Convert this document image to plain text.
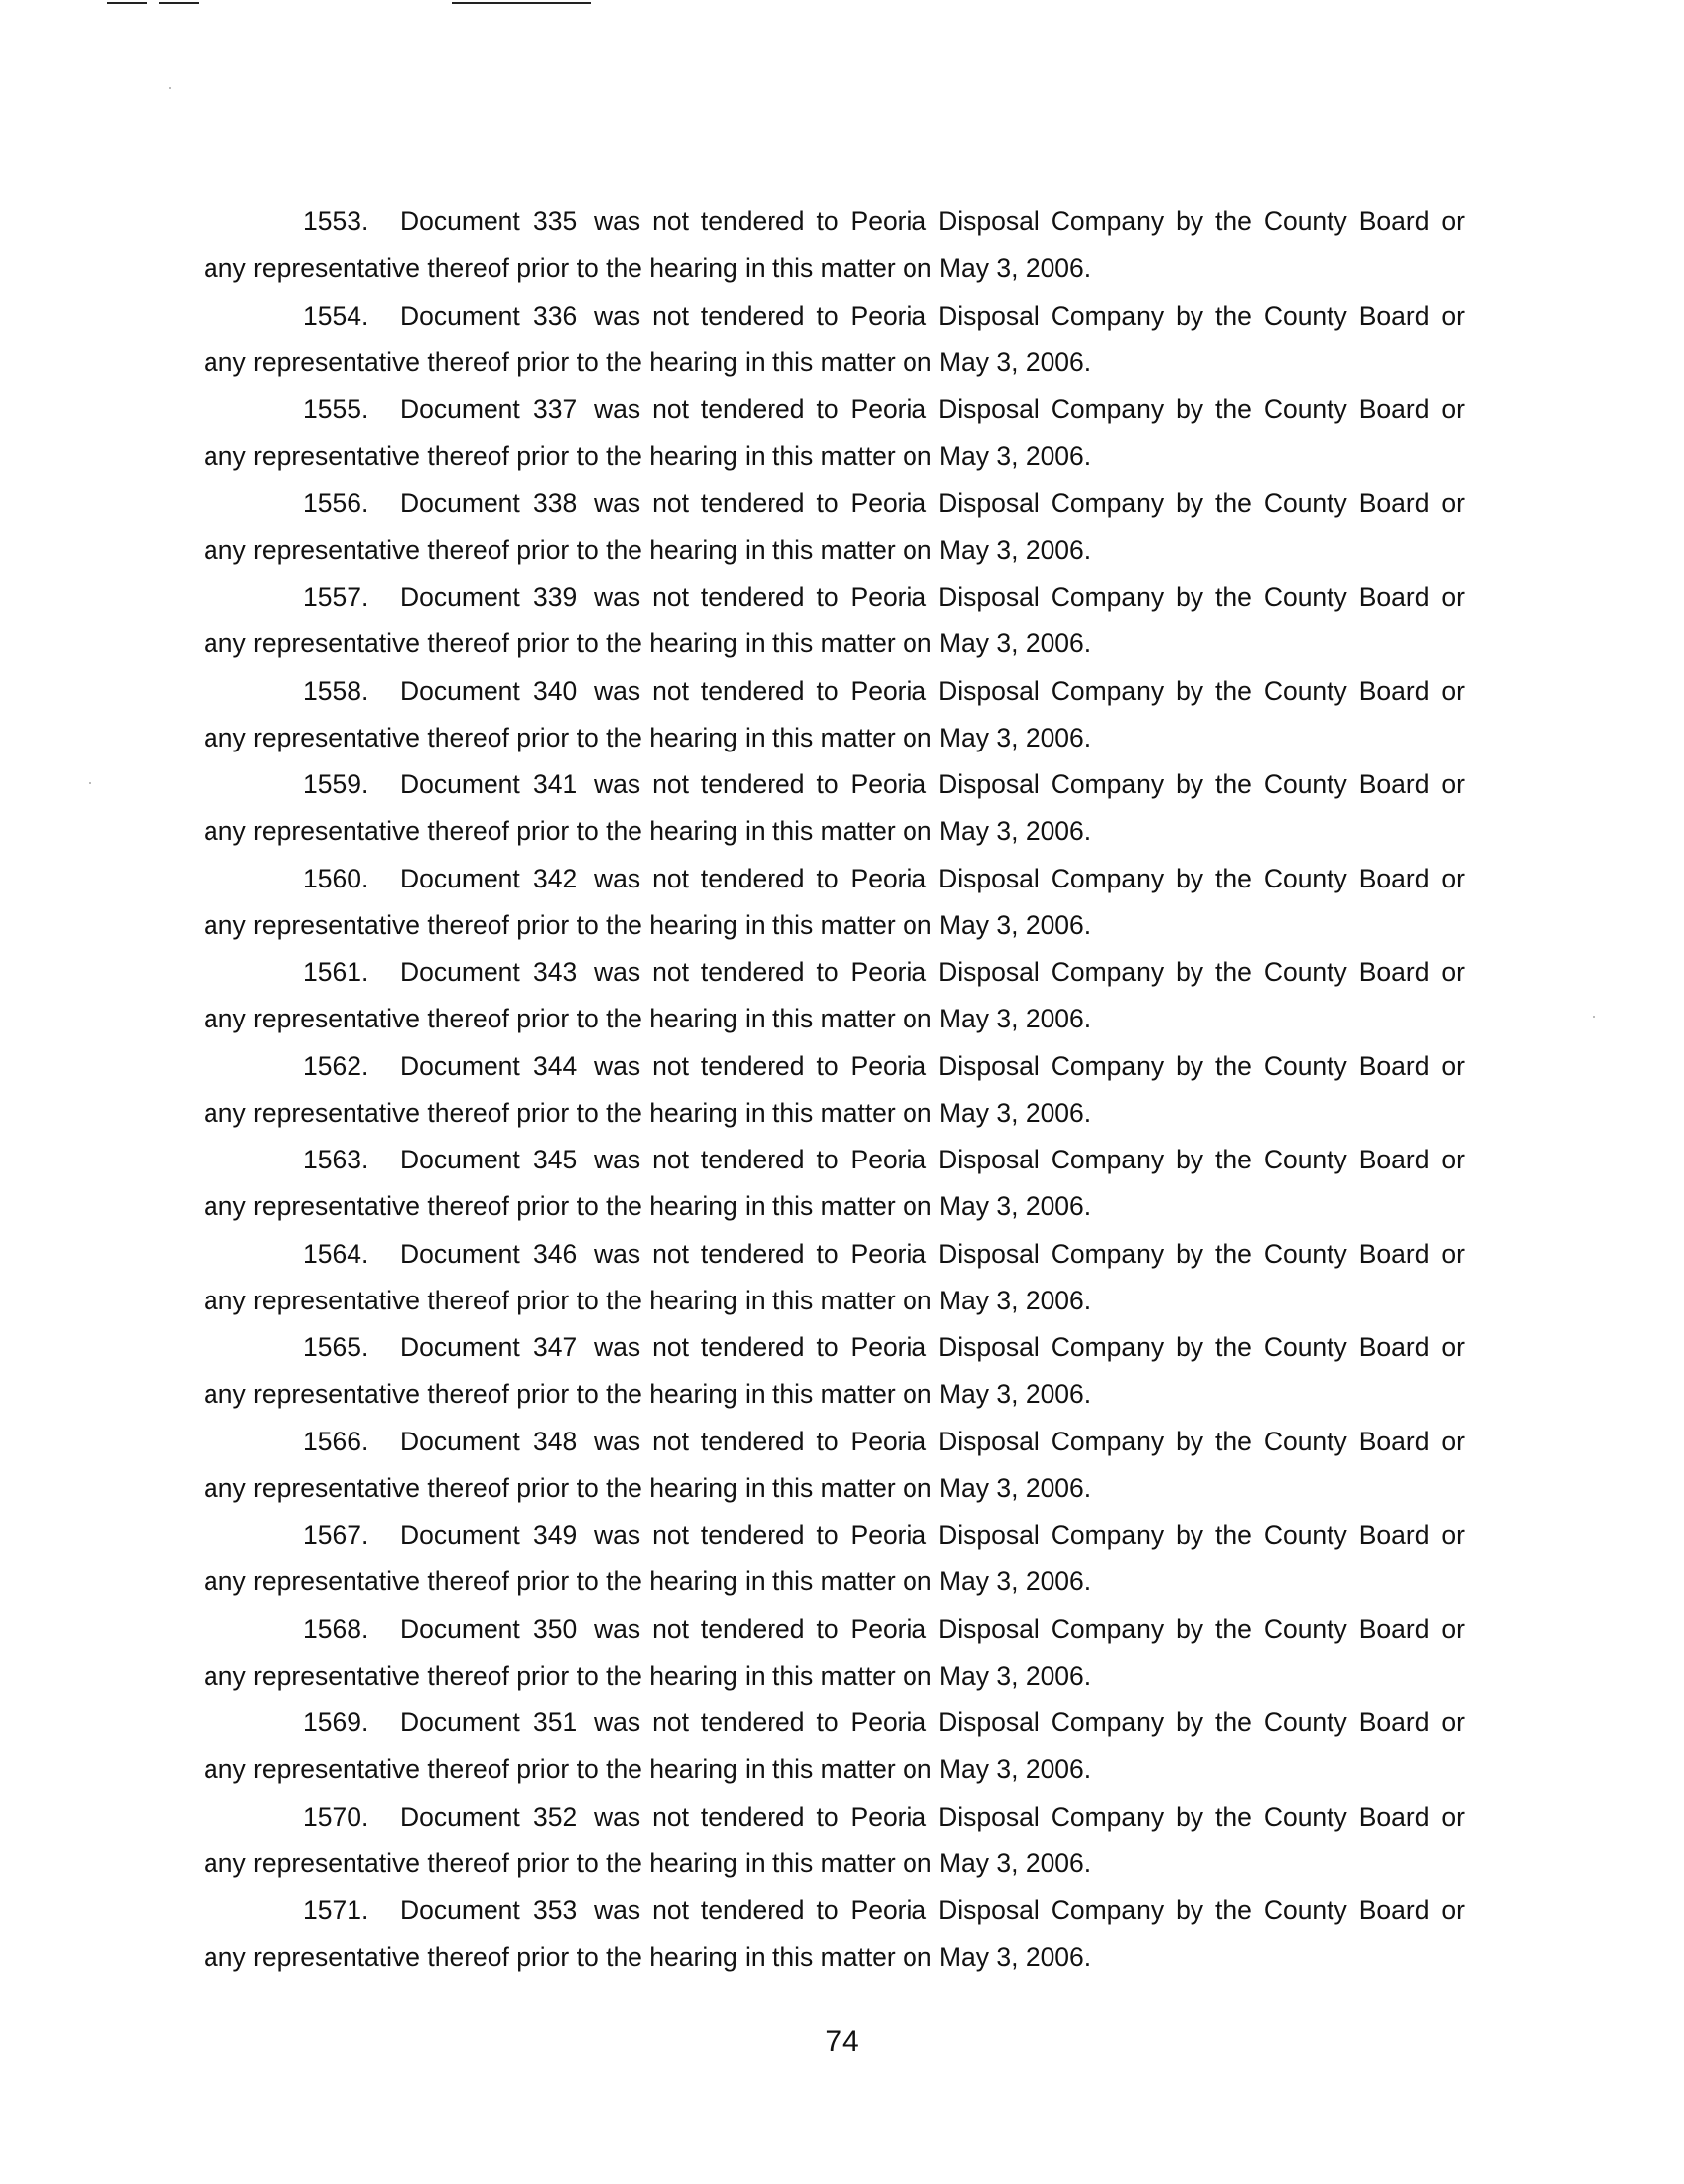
1553.	Document 335 was not tendered to Peoria Disposal Company by the County Board or
any representative thereof prior to the hearing in this matter on May 3, 2006.
1554.	Document 336 was not tendered to Peoria Disposal Company by the County Board or
any representative thereof prior to the hearing in this matter on May 3, 2006.
1555.	Document 337 was not tendered to Peoria Disposal Company by the County Board or
any representative thereof prior to the hearing in this matter on May 3, 2006.
1556.	Document 338 was not tendered to Peoria Disposal Company by the County Board or
any representative thereof prior to the hearing in this matter on May 3, 2006.
1557.	Document 339 was not tendered to Peoria Disposal Company by the County Board or
any representative thereof prior to the hearing in this matter on May 3, 2006.
1558.	Document 340 was not tendered to Peoria Disposal Company by the County Board or
any representative thereof prior to the hearing in this matter on May 3, 2006.
1559.	Document 341 was not tendered to Peoria Disposal Company by the County Board or
any representative thereof prior to the hearing in this matter on May 3, 2006.
1560.	Document 342 was not tendered to Peoria Disposal Company by the County Board or
any representative thereof prior to the hearing in this matter on May 3, 2006.
1561.	Document 343 was not tendered to Peoria Disposal Company by the County Board or
any representative thereof prior to the hearing in this matter on May 3, 2006.
1562.	Document 344 was not tendered to Peoria Disposal Company by the County Board or
any representative thereof prior to the hearing in this matter on May 3, 2006.
1563.	Document 345 was not tendered to Peoria Disposal Company by the County Board or
any representative thereof prior to the hearing in this matter on May 3, 2006.
1564.	Document 346 was not tendered to Peoria Disposal Company by the County Board or
any representative thereof prior to the hearing in this matter on May 3, 2006.
1565.	Document 347 was not tendered to Peoria Disposal Company by the County Board or
any representative thereof prior to the hearing in this matter on May 3, 2006.
1566.	Document 348 was not tendered to Peoria Disposal Company by the County Board or
any representative thereof prior to the hearing in this matter on May 3, 2006.
1567.	Document 349 was not tendered to Peoria Disposal Company by the County Board or
any representative thereof prior to the hearing in this matter on May 3, 2006.
1568.	Document 350 was not tendered to Peoria Disposal Company by the County Board or
any representative thereof prior to the hearing in this matter on May 3, 2006.
1569.	Document 351 was not tendered to Peoria Disposal Company by the County Board or
any representative thereof prior to the hearing in this matter on May 3, 2006.
1570.	Document 352 was not tendered to Peoria Disposal Company by the County Board or
any representative thereof prior to the hearing in this matter on May 3, 2006.
1571.	Document 353 was not tendered to Peoria Disposal Company by the County Board or
any representative thereof prior to the hearing in this matter on May 3, 2006.
74
